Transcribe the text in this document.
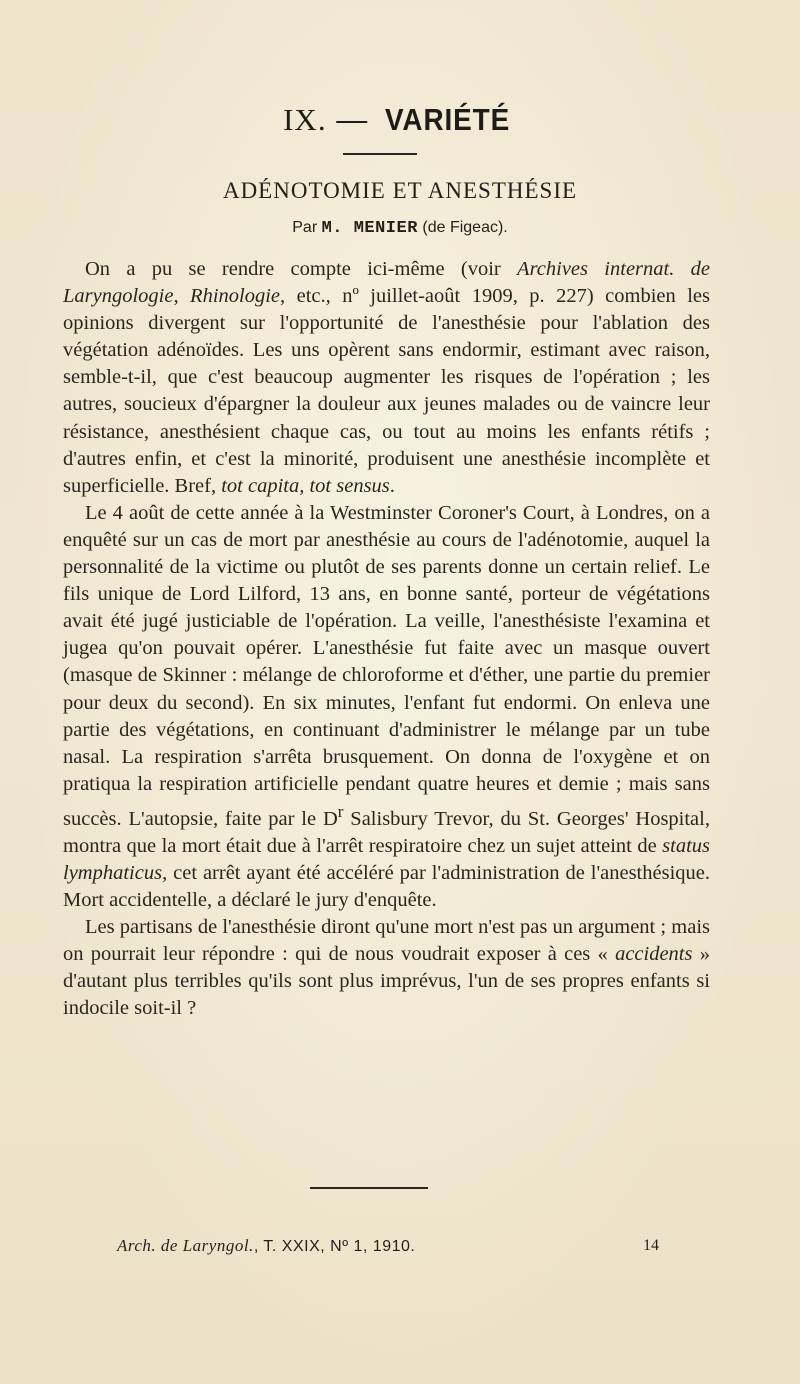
IX. — VARIÉTÉ
ADÉNOTOMIE ET ANESTHÉSIE
Par M. MENIER (de Figeac).

On a pu se rendre compte ici-même (voir Archives internat. de Laryngologie, Rhinologie, etc., nº juillet-août 1909, p. 227) combien les opinions divergent sur l'opportunité de l'anesthésie pour l'ablation des végétation adénoïdes. Les uns opèrent sans endormir, estimant avec raison, semble-t-il, que c'est beaucoup augmenter les risques de l'opération ; les autres, soucieux d'épargner la douleur aux jeunes malades ou de vaincre leur résistance, anesthésient chaque cas, ou tout au moins les enfants rétifs ; d'autres enfin, et c'est la minorité, produisent une anesthésie incomplète et superficielle. Bref, tot capita, tot sensus.

Le 4 août de cette année à la Westminster Coroner's Court, à Londres, on a enquêté sur un cas de mort par anesthésie au cours de l'adénotomie, auquel la personnalité de la victime ou plutôt de ses parents donne un certain relief. Le fils unique de Lord Lilford, 13 ans, en bonne santé, porteur de végétations avait été jugé justiciable de l'opération. La veille, l'anesthésiste l'examina et jugea qu'on pouvait opérer. L'anesthésie fut faite avec un masque ouvert (masque de Skinner : mélange de chloroforme et d'éther, une partie du premier pour deux du second). En six minutes, l'enfant fut endormi. On enleva une partie des végétations, en continuant d'administrer le mélange par un tube nasal. La respiration s'arrêta brusquement. On donna de l'oxygène et on pratiqua la respiration artificielle pendant quatre heures et demie ; mais sans succès. L'autopsie, faite par le $D^r$ Salisbury Trevor, du St. Georges' Hospital, montra que la mort était due à l'arrêt respiratoire chez un sujet atteint de status lymphaticus, cet arrêt ayant été accéléré par l'administration de l'anesthésique. Mort accidentelle, a déclaré le jury d'enquête.

Les partisans de l'anesthésie diront qu'une mort n'est pas un argument ; mais on pourrait leur répondre : qui de nous voudrait exposer à ces « accidents » d'autant plus terribles qu'ils sont plus imprévus, l'un de ses propres enfants si indocile soit-il ?

Arch. de Laryngol., T. XXIX, Nº 1, 1910.	14
